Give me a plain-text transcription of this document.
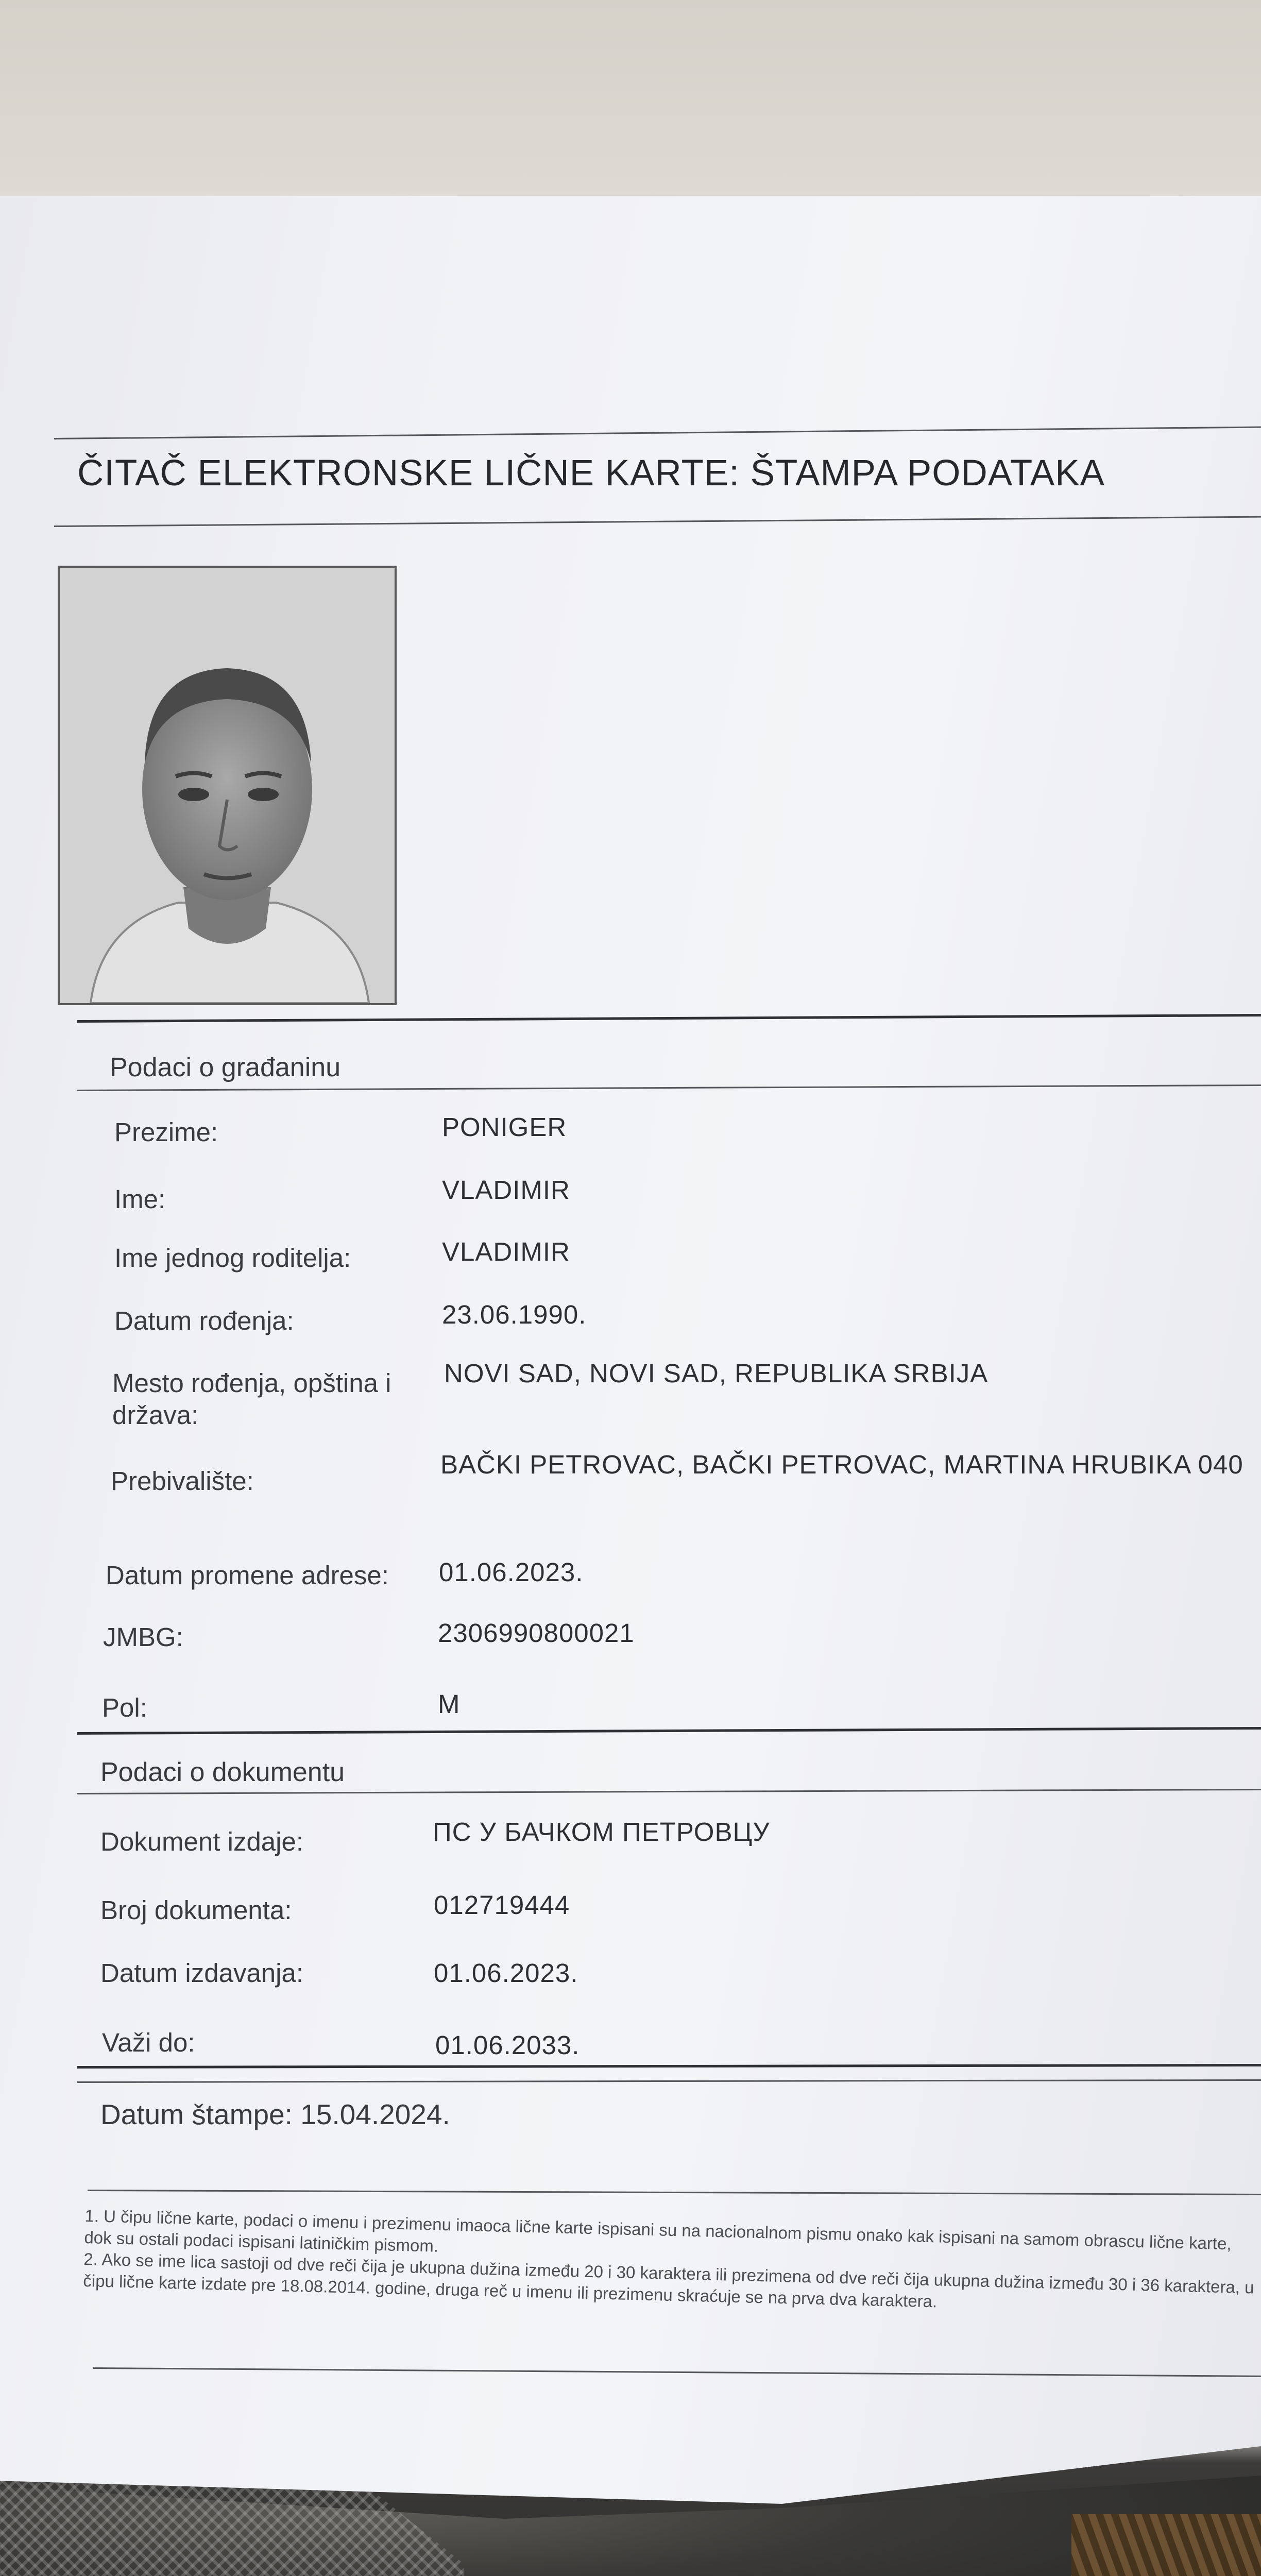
ČITAČ ELEKTRONSKE LIČNE KARTE: ŠTAMPA PODATAKA
Podaci o građaninu
Prezime:	PONIGER
Ime:	VLADIMIR
Ime jednog roditelja:	VLADIMIR
Datum rođenja:	23.06.1990.
Mesto rođenja, opština i država:
NOVI SAD, NOVI SAD, REPUBLIKA SRBIJA
Prebivalište:
BAČKI PETROVAC, BAČKI PETROVAC, MARTINA HRUBIKA 040
Datum promene adrese: 01.06.2023.
JMBG:	2306990800021
Pol:	M
Podaci o dokumentu
Dokument izdaje:	ПС У БАЧКОМ ПЕТРОВЦУ
Broj dokumenta:	012719444
Datum izdavanja:	01.06.2023.
Važi do:	01.06.2033.
Datum štampe: 15.04.2024.

1. U čipu lične karte, podaci o imenu i prezimenu imaoca lične karte ispisani su na nacionalnom pismu onako kak ispisani na samom obrascu lične karte, dok su ostali podaci ispisani latiničkim pismom.

2. Ako se ime lica sastoji od dve reči čija je ukupna dužina između 20 i 30 karaktera ili prezimena od dve reči čija ukupna dužina između 30 i 36 karaktera, u čipu lične karte izdate pre 18.08.2014. godine, druga reč u imenu ili prezimenu skraćuje se na prva dva karaktera.
